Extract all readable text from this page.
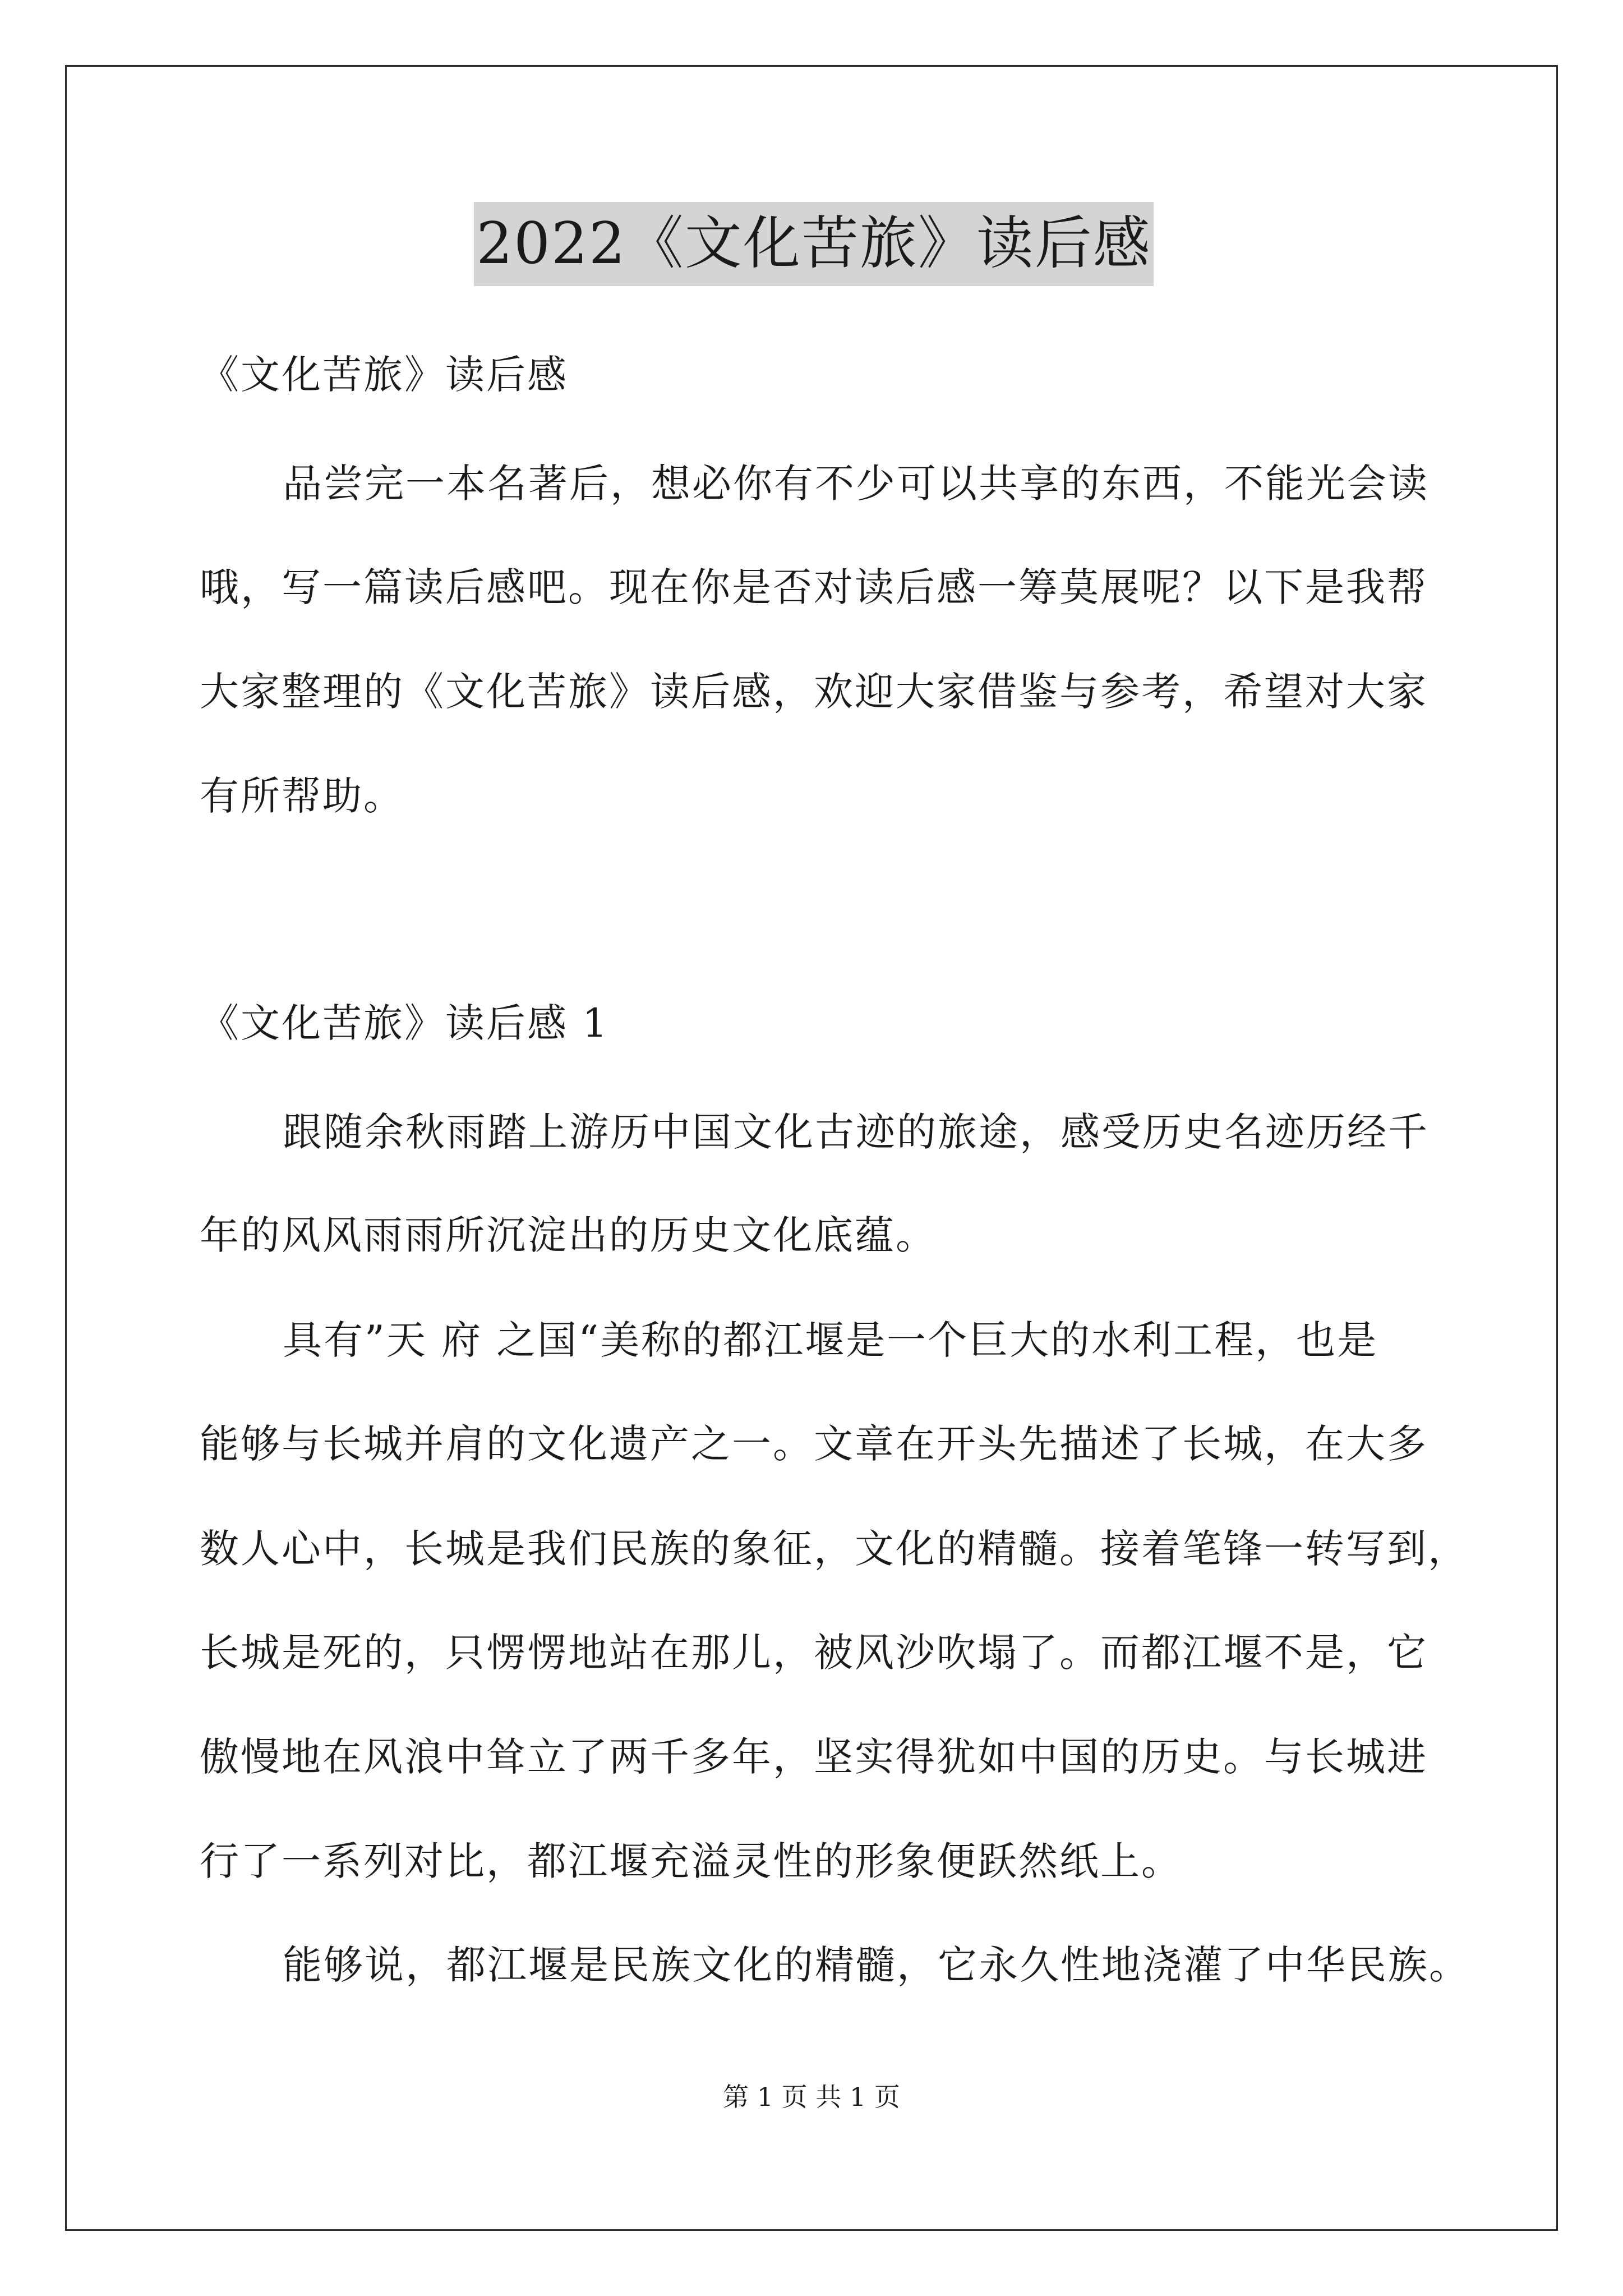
2022《文化苦旅》读后感
《文化苦旅》读后感
品尝完一本名著后，想必你有不少可以共享的东西，不能光会读
哦，写一篇读后感吧。现在你是否对读后感一筹莫展呢？以下是我帮
大家整理的《文化苦旅》读后感，欢迎大家借鉴与参考，希望对大家
有所帮助。
《文化苦旅》读后感 1
跟随余秋雨踏上游历中国文化古迹的旅途，感受历史名迹历经千
年的风风雨雨所沉淀出的历史文化底蕴。
具有”天 府 之国“美称的都江堰是一个巨大的水利工程，也是
能够与长城并肩的文化遗产之一。文章在开头先描述了长城，在大多
数人心中，长城是我们民族的象征，文化的精髓。接着笔锋一转写到，
长城是死的，只愣愣地站在那儿，被风沙吹塌了。而都江堰不是，它
傲慢地在风浪中耸立了两千多年，坚实得犹如中国的历史。与长城进
行了一系列对比，都江堰充溢灵性的形象便跃然纸上。
能够说，都江堰是民族文化的精髓，它永久性地浇灌了中华民族。
第 1 页 共 1 页
